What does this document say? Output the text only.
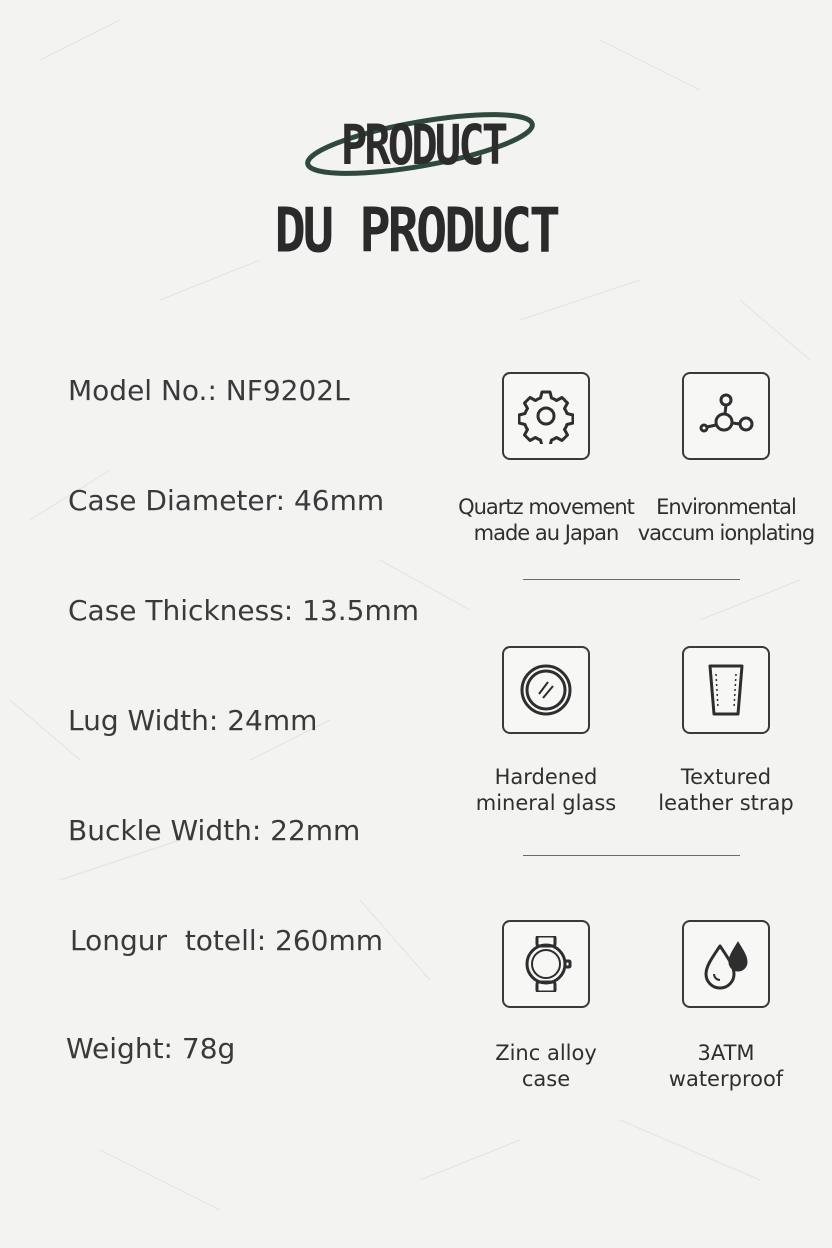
PRODUCT
DU PRODUCT
Model No.: NF9202L
Case Diameter: 46mm
Case Thickness: 13.5mm
Lug Width: 24mm
Buckle Width: 22mm
Longur  totell: 260mm
Weight: 78g
Quartz movement
made au Japan
Environmental
vaccum ionplating
Hardened
mineral glass
Textured
leather strap
Zinc alloy
case
3ATM
waterproof
